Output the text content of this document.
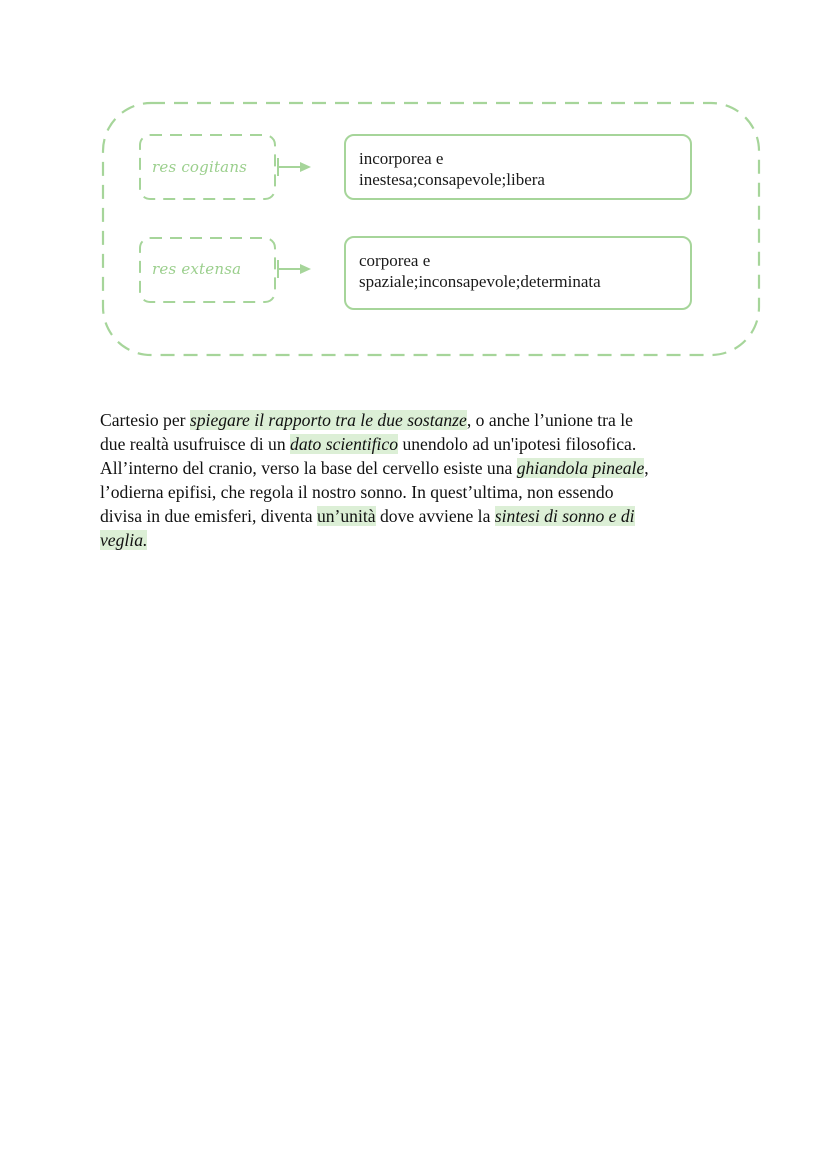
res cogitans
res extensa
incorporea e
inestesa;consapevole;libera
corporea e
spaziale;inconsapevole;determinata
Cartesio per spiegare il rapporto tra le due sostanze, o anche l’unione tra le
due realtà usufruisce di un dato scientifico unendolo ad un'ipotesi filosofica.
All’interno del cranio, verso la base del cervello esiste una ghiandola pineale,
l’odierna epifisi, che regola il nostro sonno. In quest’ultima, non essendo
divisa in due emisferi, diventa un’unità dove avviene la sintesi di sonno e di
veglia.
